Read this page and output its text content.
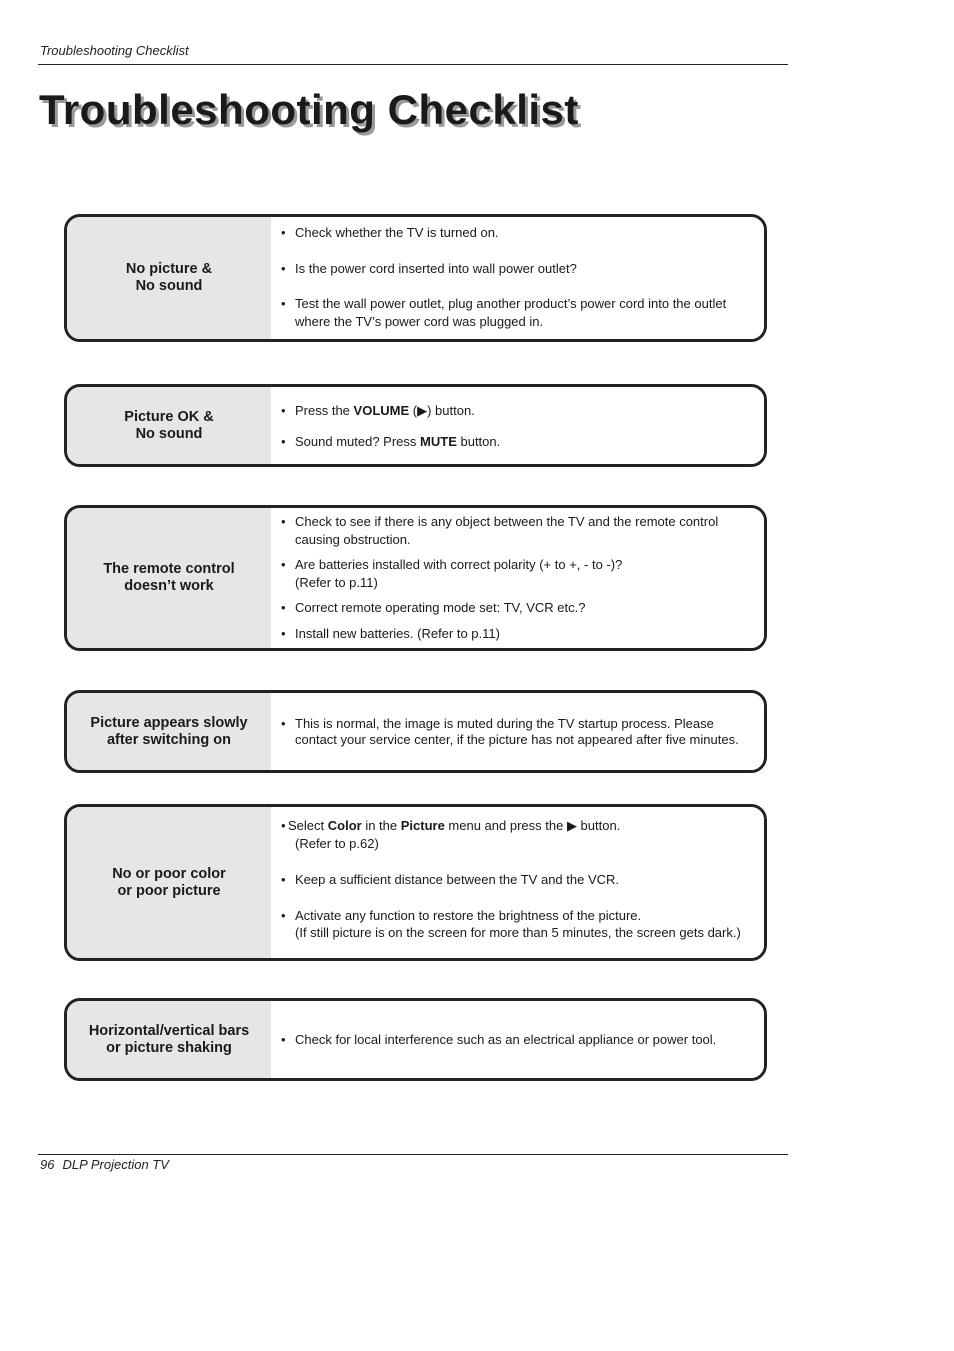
Troubleshooting Checklist
Troubleshooting Checklist
No picture &
No sound
• Check whether the TV is turned on.
• Is the power cord inserted into wall power outlet?
• Test the wall power outlet, plug another product’s power cord into the outlet
where the TV’s power cord was plugged in.
Picture OK &
No sound
• Press the VOLUME (▶) button.
• Sound muted? Press MUTE button.
The remote control
doesn’t work
• Check to see if there is any object between the TV and the remote control
causing obstruction.
• Are batteries installed with correct polarity (+ to +, - to -)?
(Refer to p.11)
• Correct remote operating mode set: TV, VCR etc.?
• Install new batteries. (Refer to p.11)
Picture appears slowly
after switching on
• This is normal, the image is muted during the TV startup process. Please
contact your service center, if the picture has not appeared after five minutes.
No or poor color
or poor picture
• Select Color in the Picture menu and press the ▶ button.
(Refer to p.62)
• Keep a sufficient distance between the TV and the VCR.
• Activate any function to restore the brightness of the picture.
(If still picture is on the screen for more than 5 minutes, the screen gets dark.)
Horizontal/vertical bars
or picture shaking
• Check for local interference such as an electrical appliance or power tool.
96 DLP Projection TV
